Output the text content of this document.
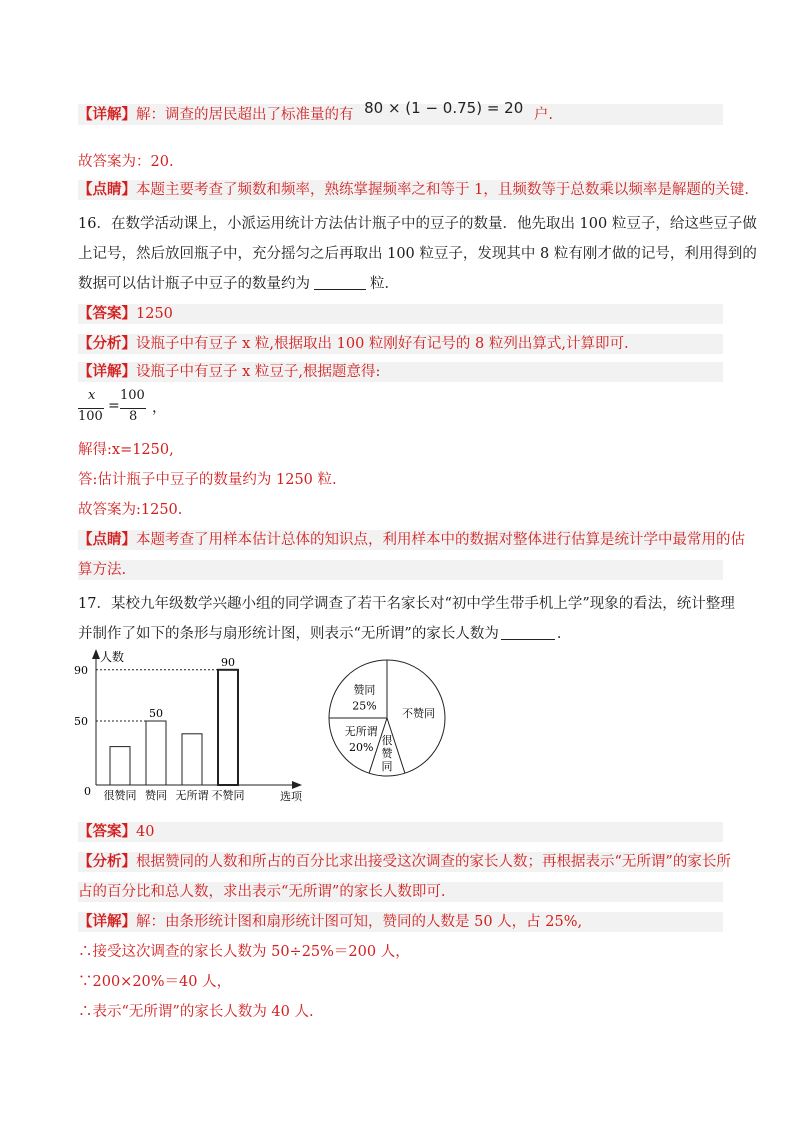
【详解】解：调查的居民超出了标准量的有 80 × (1 − 0.75) = 20 户.
故答案为：20.
【点睛】本题主要考查了频数和频率，熟练掌握频率之和等于 1，且频数等于总数乘以频率是解题的关键.
16．在数学活动课上，小派运用统计方法估计瓶子中的豆子的数量．他先取出 100 粒豆子，给这些豆子做
上记号，然后放回瓶子中，充分摇匀之后再取出 100 粒豆子，发现其中 8 粒有刚才做的记号，利用得到的
数据可以估计瓶子中豆子的数量约为	粒．
【答案】1250
【分析】设瓶子中有豆子 x 粒,根据取出 100 粒刚好有记号的 8 粒列出算式,计算即可.
【详解】设瓶子中有豆子 x 粒豆子,根据题意得:
x
100
=
100
8
，
解得:x=1250,
答:估计瓶子中豆子的数量约为 1250 粒.
故答案为:1250.
【点睛】本题考查了用样本估计总体的知识点，利用样本中的数据对整体进行估算是统计学中最常用的估
算方法.
17．某校九年级数学兴趣小组的同学调查了若干名家长对“初中学生带手机上学”现象的看法，统计整理
并制作了如下的条形与扇形统计图，则表示“无所谓”的家长人数为	．
人数
选项
0
50
90
很赞同
50
赞同 无所谓
90
不赞同
赞同
25%
无所谓
20%
很
赞
同
不赞同
【答案】40
【分析】根据赞同的人数和所占的百分比求出接受这次调查的家长人数；再根据表示“无所谓”的家长所
占的百分比和总人数，求出表示“无所谓”的家长人数即可.
【详解】解：由条形统计图和扇形统计图可知，赞同的人数是 50 人，占 25%,
∴接受这次调查的家长人数为 50÷25%＝200 人，
∵200×20%＝40 人，
∴表示“无所谓”的家长人数为 40 人.
